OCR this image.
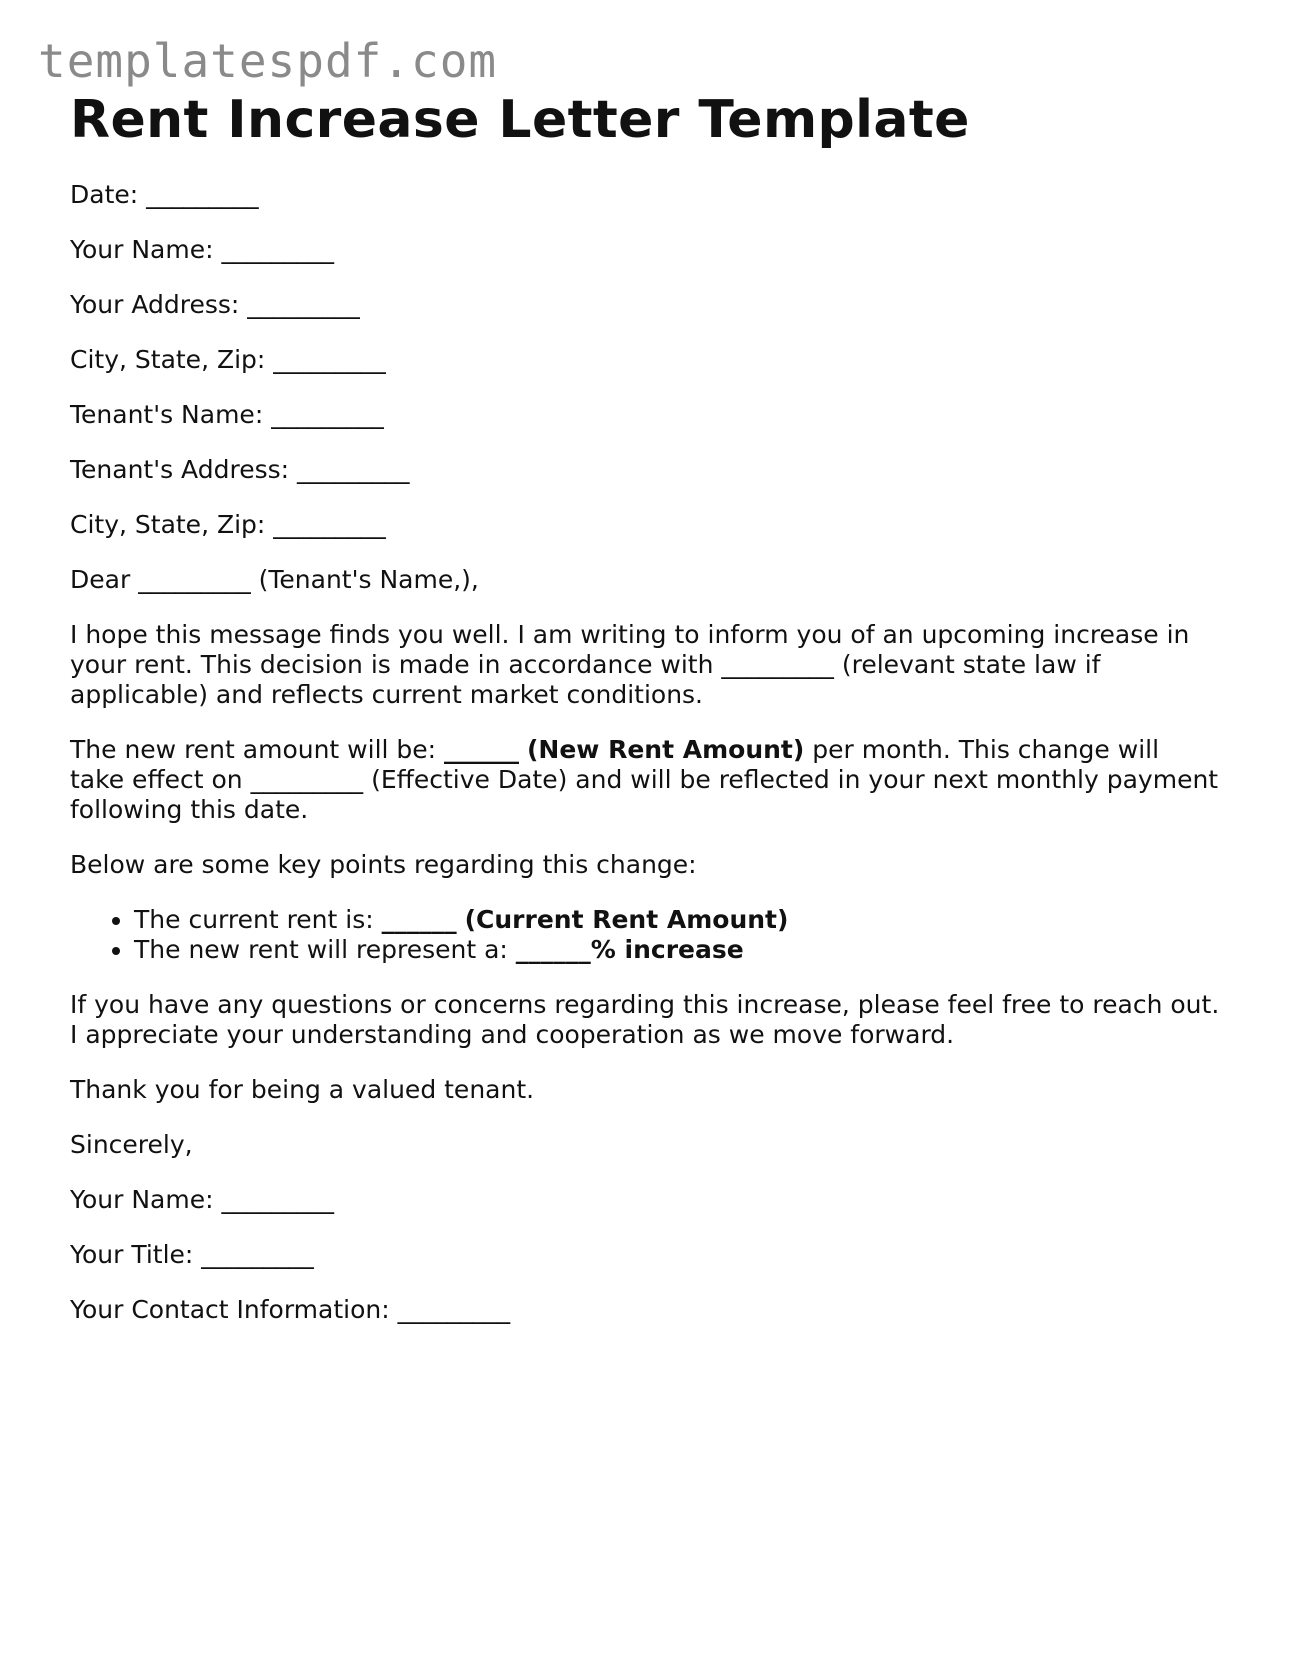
templatespdf.com
Rent Increase Letter Template

Date: _________

Your Name: _________

Your Address: _________

City, State, Zip: _________

Tenant's Name: _________

Tenant's Address: _________

City, State, Zip: _________

Dear _________ (Tenant's Name,),

I hope this message finds you well. I am writing to inform you of an upcoming increase in your rent. This decision is made in accordance with _________ (relevant state law if applicable) and reflects current market conditions.

The new rent amount will be: ______ (New Rent Amount) per month. This change will take effect on _________ (Effective Date) and will be reflected in your next monthly payment following this date.

Below are some key points regarding this change:

• The current rent is: ______ (Current Rent Amount)
• The new rent will represent a: ______% increase

If you have any questions or concerns regarding this increase, please feel free to reach out. I appreciate your understanding and cooperation as we move forward.

Thank you for being a valued tenant.

Sincerely,

Your Name: _________

Your Title: _________

Your Contact Information: _________
